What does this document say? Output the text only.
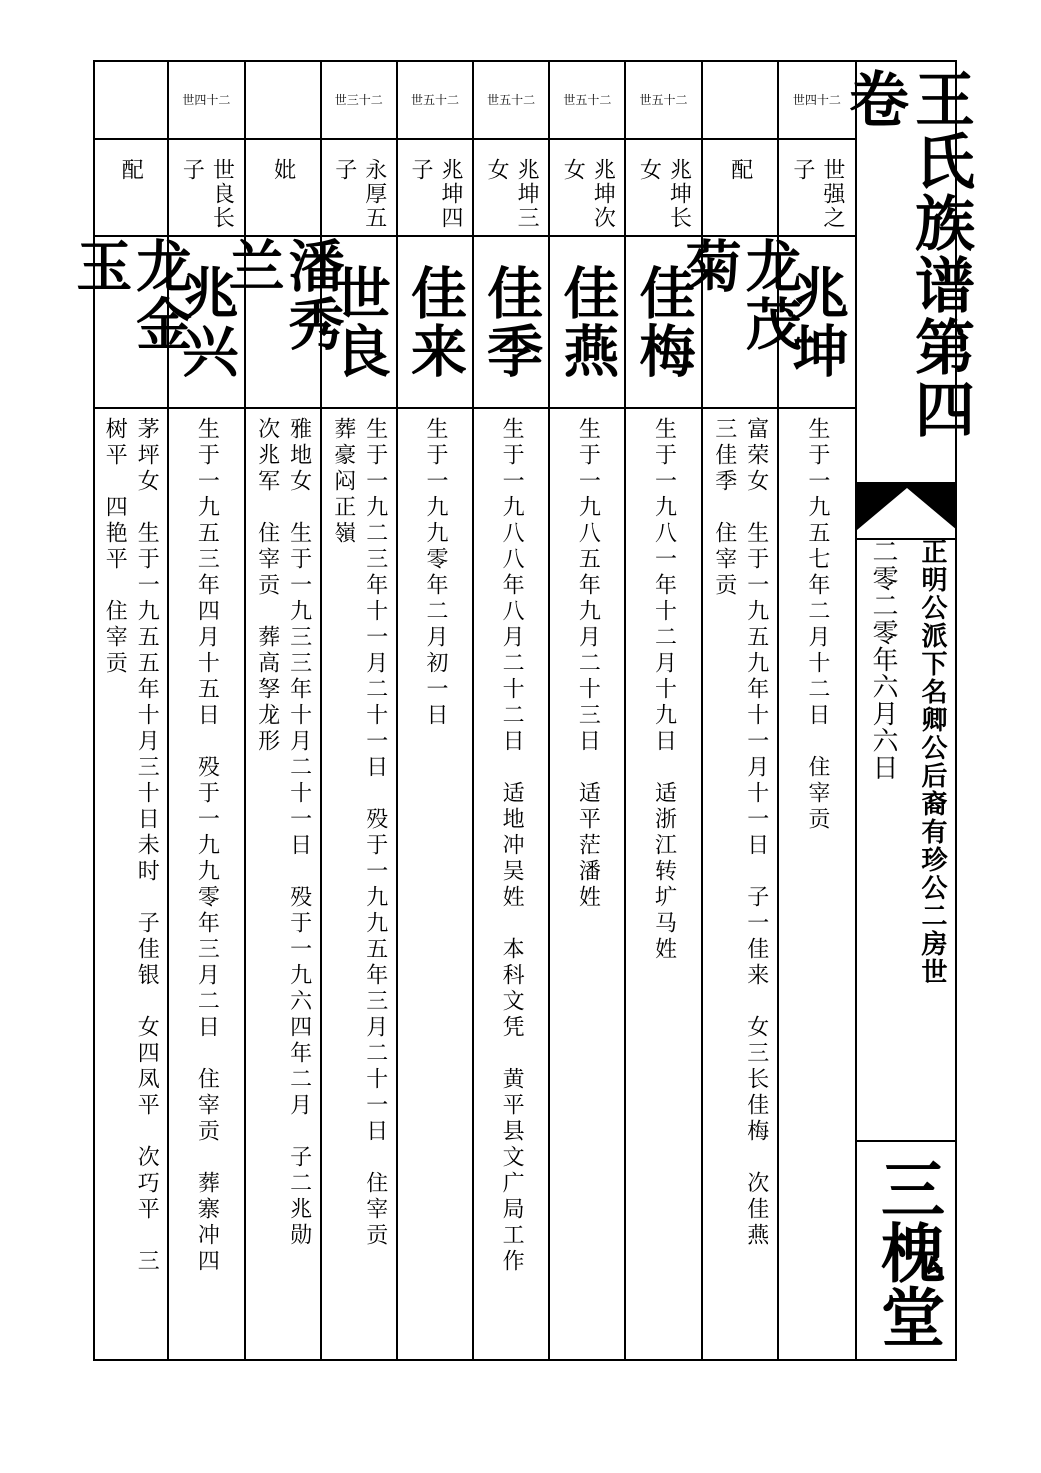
王氏族谱第四卷
正明公派下名卿公后裔有珍公二房世
二零二零年六月六日
三槐堂
世四十二
世强之子
兆坤
生于一九五七年二月十二日　住宰贡
配
龙茂菊
富荣女　生于一九五九年十一月十一日　子一佳来　女三长佳梅　次佳燕
三佳季　住宰贡
世五十二
兆坤长女
佳梅
生于一九八一年十二月十九日　适浙江转圹马姓
世五十二
兆坤次女
佳燕
生于一九八五年九月二十三日　适平茫潘姓
世五十二
兆坤三女
佳季
生于一九八八年八月二十二日　适地冲吴姓　本科文凭　黄平县文广局工作
世五十二
兆坤四子
佳来
生于一九九零年二月初一日
世三十二
永厚五子
世良
生于一九二三年十一月二十一日　殁于一九九五年三月二十一日　住宰贡
葬豪闷正嶺
妣
潘秀兰
雅地女　生于一九三三年十月二十一日　殁于一九六四年二月　子二兆勋
次兆军　住宰贡　葬高孥龙形
世四十二
世良长子
兆兴
生于一九五三年四月十五日　殁于一九九零年三月二日　住宰贡　葬寨冲四
配
龙金玉
茅坪女　生于一九五五年十月三十日未时　子佳银　女四凤平　次巧平　三
树平　四艳平　住宰贡
